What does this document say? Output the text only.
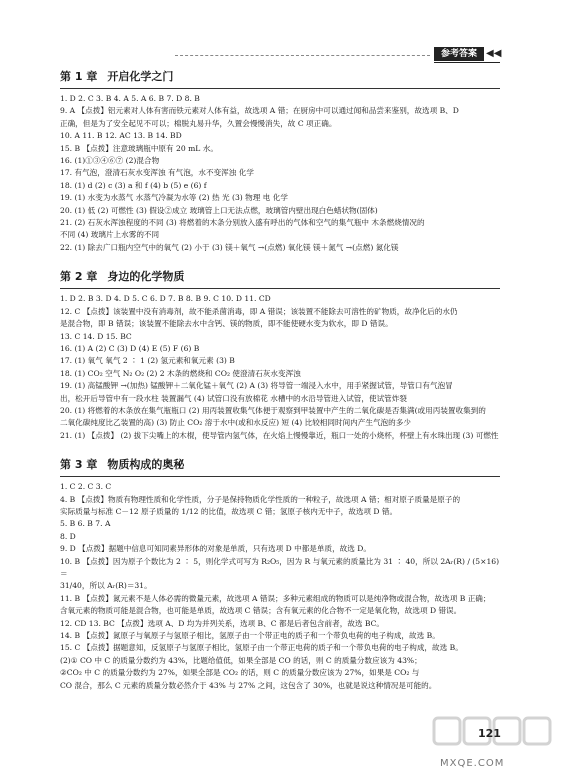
参考答案 ◀◀
第 1 章 开启化学之门

1. D 2. C 3. B 4. A 5. A 6. B 7. D 8. B

9. A 【点拨】铝元素对人体有害而铁元素对人体有益，故选项 A 错；在厨房中可以通过闻和品尝来鉴别，故选项 B、D

正确，但是为了安全起见不可以；棉脱丸易升华，久置会慢慢消失，故 C 项正确。

10. A 11. B 12. AC 13. B 14. BD

15. B 【点拨】注意玻璃瓶中原有 20 mL 水。

16. (1)①③④⑥⑦ (2)混合物

17. 有气泡，澄清石灰水变浑浊 有气泡，水不变浑浊 化学

18. (1) d (2) c (3) a 和 f (4) b (5) e (6) f

19. (1) 水变为水蒸气 水蒸气冷凝为水等 (2) 热 光 (3) 物理 电 化学

20. (1) 低 (2) 可燃性 (3) 假设②成立 玻璃管上口无法点燃，玻璃管内壁出现白色蜡状物(固体)

21. (2) 石灰水浑浊程度的不同 (3) 将燃着的木条分别放入盛有呼出的气体和空气的集气瓶中 木条燃烧情况的

不同 (4) 玻璃片上水雾的不同

22. (1) 除去广口瓶内空气中的氧气 (2) 小于 (3) 镁＋氧气 →(点燃) 氧化镁 镁＋氮气 →(点燃) 氮化镁

第 2 章 身边的化学物质

1. D 2. B 3. D 4. D 5. C 6. D 7. B 8. B 9. C 10. D 11. CD

12. C 【点拨】该装置中没有消毒剂，故不能杀菌消毒，即 A 错误；该装置不能除去可溶性的矿物质，故净化后的水仍

是混合物，即 B 错误；该装置不能除去水中含钙、镁的物质，即不能使硬水变为软水，即 D 错误。

13. C 14. D 15. BC

16. (1) A (2) C (3) D (4) E (5) F (6) B

17. (1) 氧气 氧气 2 ∶ 1 (2) 氢元素和氧元素 (3) B

18. (1) CO₂ 空气 N₂ O₂ (2) 2 木条的燃烧和 CO₂ 使澄清石灰水变浑浊

19. (1) 高锰酸钾 →(加热) 锰酸钾＋二氧化锰＋氧气 (2) A (3) 将导管一端浸入水中，用手紧握试管，导管口有气泡冒

出，松开后导管中有一段水柱 装置漏气 (4) 试管口没有放棉花 水槽中的水沿导管进入试管，使试管炸裂

20. (1) 将燃着的木条放在集气瓶瓶口 (2) 用丙装置收集气体便于观察到甲装置中产生的二氧化碳是否集满(或用丙装置收集到的

二氧化碳纯度比乙装置的高) (3) 防止 CO₂ 溶于水中(或和水反应) 短 (4) 比较相同时间内产生气泡的多少

21. (1) 【点拨】 (2) 拔下尖嘴上的木棍，使导管内氢气体，在火焰上慢慢靠近，瓶口一处的小烧杯，杯壁上有水珠出现 (3) 可燃性

第 3 章 物质构成的奥秘

1. C 2. C 3. C

4. B 【点拨】物质有物理性质和化学性质，分子是保持物质化学性质的一种粒子，故选项 A 错；相对原子质量是原子的

实际质量与标准 C－12 原子质量的 1/12 的比值，故选项 C 错；氢原子核内无中子，故选项 D 错。

5. B 6. B 7. A

8. D

9. D 【点拨】据题中信息可知同素异形体的对象是单质，只有选项 D 中都是单质，故选 D。

10. B 【点拨】因为原子个数比为 2 ∶ 5，则化学式可写为 R₂O₅，因为 R 与氧元素的质量比为 31 ∶ 40，所以 2Aᵣ(R) / (5×16) ＝

31/40，所以 Aᵣ(R)＝31。

11. B 【点拨】氮元素不是人体必需的微量元素，故选项 A 错误；多种元素组成的物质可以是纯净物或混合物，故选项 B 正确；

含氧元素的物质可能是混合物，也可能是单质，故选项 C 错误；含有氧元素的化合物不一定是氧化物，故选项 D 错误。

12. CD 13. BC 【点拨】选项 A、D 均为并列关系，选项 B、C 都是后者包含前者，故选 BC。

14. B 【点拨】氮原子与氧原子与氢原子相比，氢原子由一个带正电的质子和一个带负电荷的电子构成，故选 B。

15. C 【点拨】据题意知，反氢原子与氢原子相比，氢原子由一个带正电荷的质子和一个带负电荷的电子构成，故选 B。

(2)① CO 中 C 的质量分数约为 43%，比题给值低，如果全部是 CO 的话，则 C 的质量分数应该为 43%；

②CO₂ 中 C 的质量分数约为 27%，如果全部是 CO₂ 的话，则 C 的质量分数应该为 27%，如果是 CO₂ 与

CO 混合，那么 C 元素的质量分数必然介于 43% 与 27% 之间，这包含了 30%，也就是说这种情况是可能的。

MXQE.COM
121
